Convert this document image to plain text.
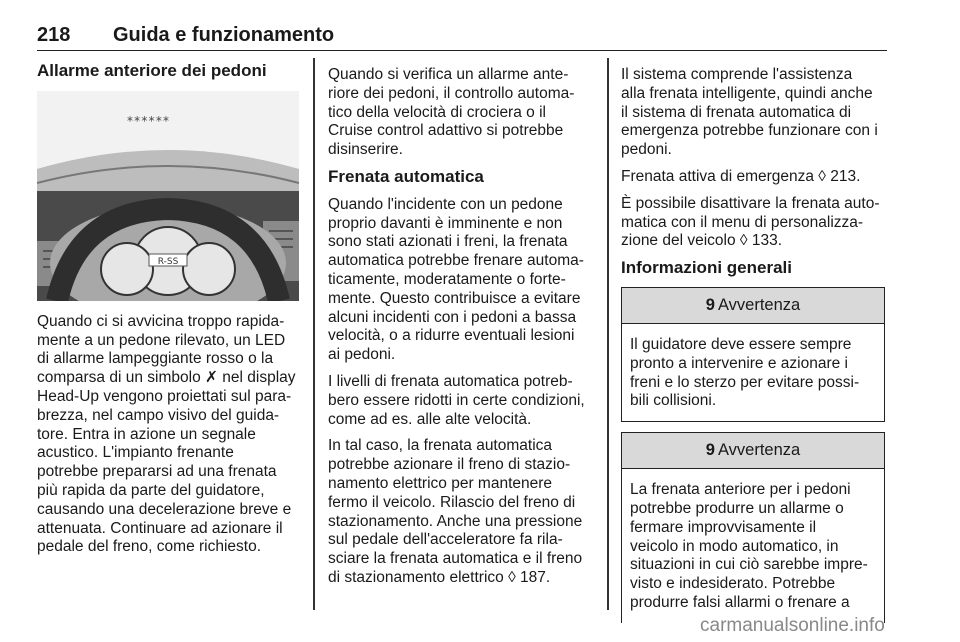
218 Guida e funzionamento
Allarme anteriore dei pedoni
******
R-SS

Quando ci si avvicina troppo rapida-
mente a un pedone rilevato, un LED
di allarme lampeggiante rosso o la
comparsa di un simbolo ✗ nel display
Head-Up vengono proiettati sul para-
brezza, nel campo visivo del guida-
tore. Entra in azione un segnale
acustico. L'impianto frenante
potrebbe prepararsi ad una frenata
più rapida da parte del guidatore,
causando una decelerazione breve e
attenuata. Continuare ad azionare il
pedale del freno, come richiesto.

Quando si verifica un allarme ante-
riore dei pedoni, il controllo automa-
tico della velocità di crociera o il
Cruise control adattivo si potrebbe
disinserire.

Frenata automatica

Quando l'incidente con un pedone
proprio davanti è imminente e non
sono stati azionati i freni, la frenata
automatica potrebbe frenare automa-
ticamente, moderatamente o forte-
mente. Questo contribuisce a evitare
alcuni incidenti con i pedoni a bassa
velocità, o a ridurre eventuali lesioni
ai pedoni.

I livelli di frenata automatica potreb-
bero essere ridotti in certe condizioni,
come ad es. alle alte velocità.

In tal caso, la frenata automatica
potrebbe azionare il freno di stazio-
namento elettrico per mantenere
fermo il veicolo. Rilascio del freno di
stazionamento. Anche una pressione
sul pedale dell'acceleratore fa rila-
sciare la frenata automatica e il freno
di stazionamento elettrico ◊ 187.

Il sistema comprende l'assistenza
alla frenata intelligente, quindi anche
il sistema di frenata automatica di
emergenza potrebbe funzionare con i
pedoni.

Frenata attiva di emergenza ◊ 213.

È possibile disattivare la frenata auto-
matica con il menu di personalizza-
zione del veicolo ◊ 133.

Informazioni generali
9 Avvertenza
Il guidatore deve essere sempre
pronto a intervenire e azionare i
freni e lo sterzo per evitare possi-
bili collisioni.
9 Avvertenza
La frenata anteriore per i pedoni
potrebbe produrre un allarme o
fermare improvvisamente il
veicolo in modo automatico, in
situazioni in cui ciò sarebbe impre-
visto e indesiderato. Potrebbe
produrre falsi allarmi o frenare a
carmanualsonline.info
